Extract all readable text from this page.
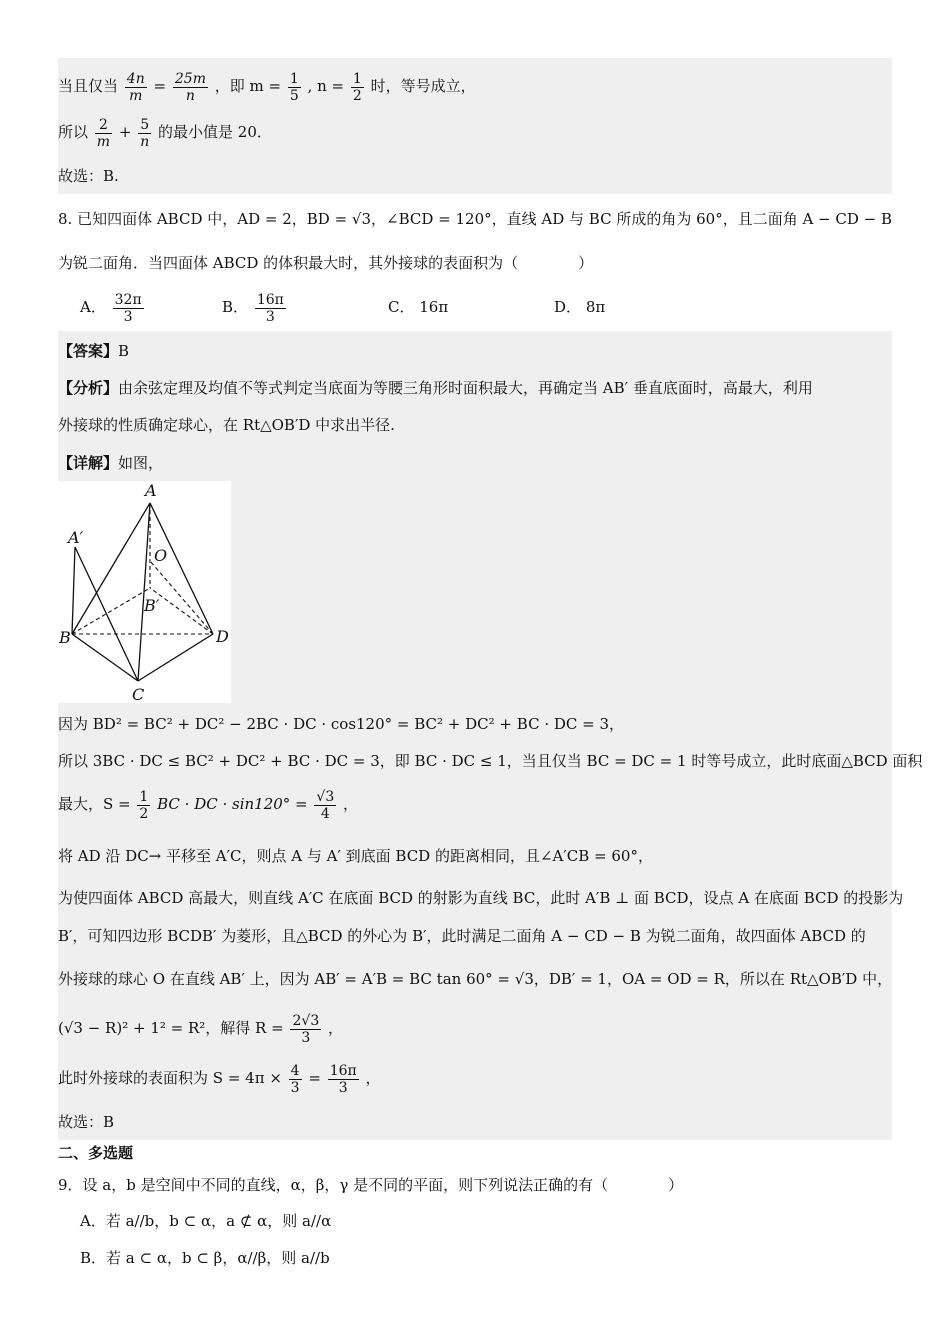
当且仅当 $\frac{4n}{m} = \frac{25m}{n}$ ，即 $m = \frac{1}{5}$ , $n = \frac{1}{2}$ 时，等号成立，
所以 $\frac{2}{m} + \frac{5}{n}$ 的最小值是 20．
故选：B.
8. 已知四面体 ABCD 中，AD = 2，BD = √3，∠BCD = 120°，直线 AD 与 BC 所成的角为 60°，且二面角 A − CD − B
为锐二面角．当四面体 ABCD 的体积最大时，其外接球的表面积为（　　　　）
A． $\frac{32\pi}{3}$	B． $\frac{16\pi}{3}$	C． 16π	D． 8π
【答案】B
【分析】由余弦定理及均值不等式判定当底面为等腰三角形时面积最大，再确定当 AB′ 垂直底面时，高最大，利用
外接球的性质确定球心，在 Rt△OB′D 中求出半径.
【详解】如图，
A
A′
O
B′
B	D
C
因为 BD² = BC² + DC² − 2BC · DC · cos120° = BC² + DC² + BC · DC = 3，
所以 3BC · DC ≤ BC² + DC² + BC · DC = 3，即 BC · DC ≤ 1，当且仅当 BC = DC = 1 时等号成立，此时底面△BCD 面积
最大，$S = \frac{1}{2}$ BC · DC · $\sin 120^\circ = \frac{√3}{4}$ ，
将 AD 沿 DC→ 平移至 A′C，则点 A 与 A′ 到底面 BCD 的距离相同，且∠A′CB = 60°，
为使四面体 ABCD 高最大，则直线 A′C 在底面 BCD 的射影为直线 BC，此时 A′B ⊥ 面 BCD，设点 A 在底面 BCD 的投影为
B′，可知四边形 BCDB′ 为菱形，且△BCD 的外心为 B′，此时满足二面角 A − CD − B 为锐二面角，故四面体 ABCD 的
外接球的球心 O 在直线 AB′ 上，因为 AB′ = A′B = BC tan 60° = √3，DB′ = 1，OA = OD = R，所以在 Rt△OB′D 中，
(√3 − R)² + 1² = R²，解得 $R = \frac{2√3}{3}$ ，
此时外接球的表面积为 $S = 4\pi \times \frac{4}{3} = \frac{16\pi}{3}$ ，
故选：B
二、多选题
9．设 a，b 是空间中不同的直线，α，β，γ 是不同的平面，则下列说法正确的有（　　　　）
A．若 a//b，b ⊂ α，a ⊄ α，则 a//α
B．若 a ⊂ α，b ⊂ β，α//β，则 a//b
